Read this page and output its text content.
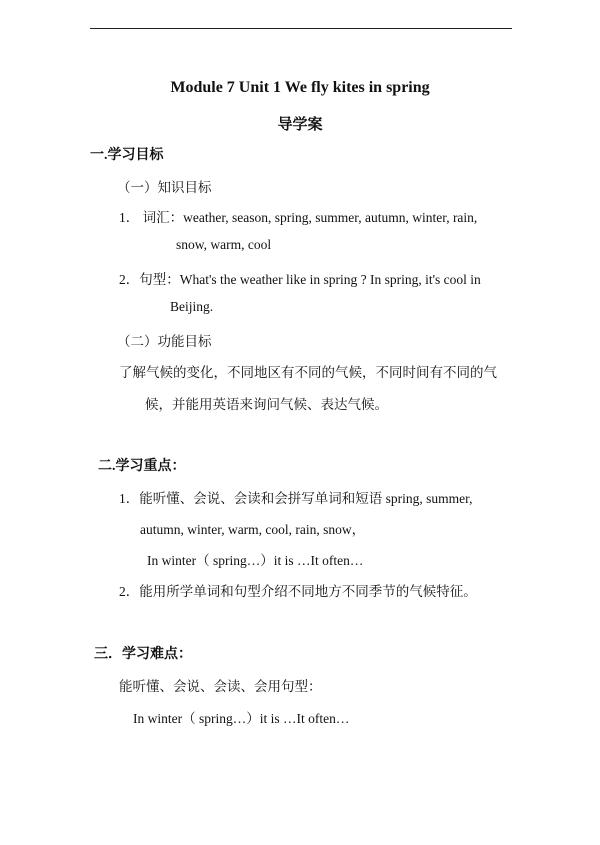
Module 7 Unit 1 We fly kites in spring
导学案
一.学习目标
（一）知识目标
1． 词汇：weather, season, spring, summer, autumn, winter, rain,
snow, warm, cool
2．句型：What's the weather like in spring ? In spring, it's cool in
Beijing.
（二）功能目标
了解气候的变化，不同地区有不同的气候，不同时间有不同的气
候，并能用英语来询问气候、表达气候。
二.学习重点：
1．能听懂、会说、会读和会拼写单词和短语 spring, summer,
autumn, winter, warm, cool, rain, snow，
In winter（ spring…）it is …It often…
2．能用所学单词和句型介绍不同地方不同季节的气候特征。
三．学习难点：
能听懂、会说、会读、会用句型：
In winter（ spring…）it is …It often…
